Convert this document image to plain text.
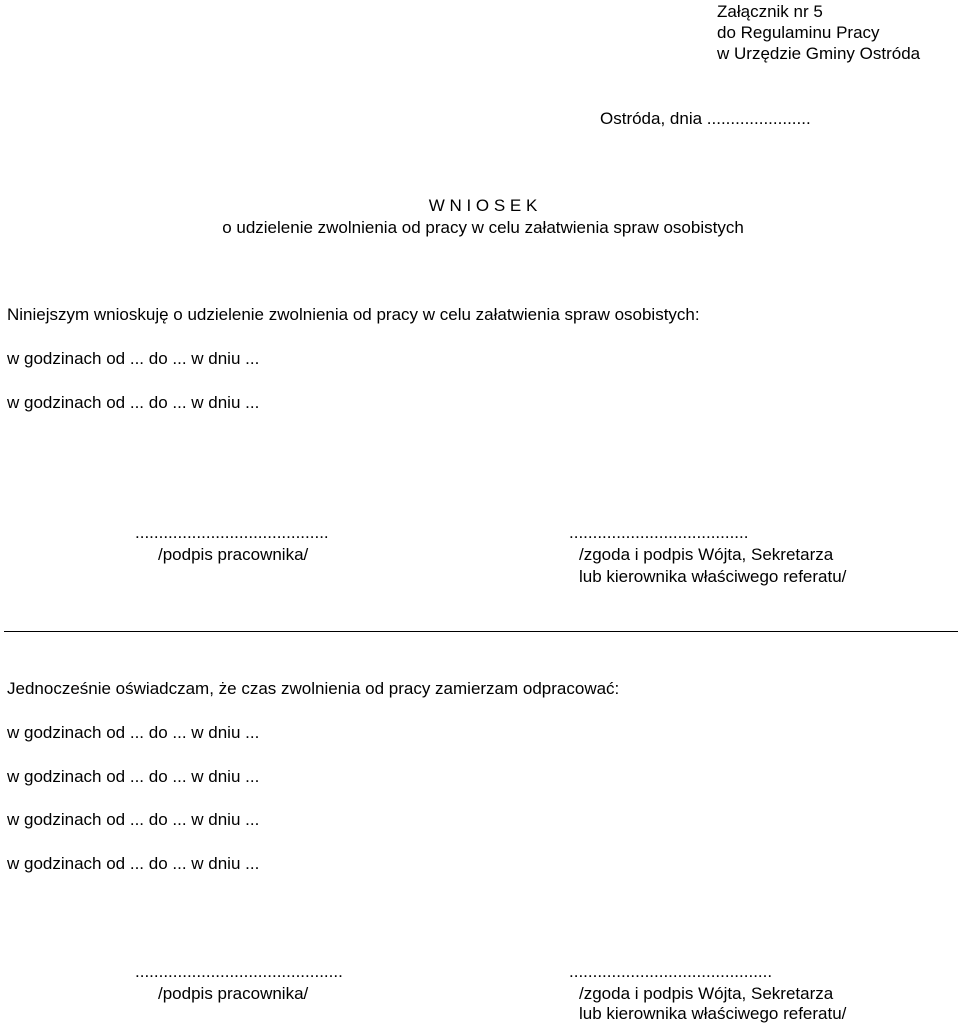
Załącznik nr 5
do Regulaminu Pracy
w Urzędzie Gminy Ostróda
Ostróda, dnia ......................
W N I O S E K
o udzielenie zwolnienia od pracy w celu załatwienia spraw osobistych
Niniejszym wnioskuję o udzielenie zwolnienia od pracy w celu załatwienia spraw osobistych:
w godzinach od ... do ... w dniu ...
w godzinach od ... do ... w dniu ...
.........................................
/podpis pracownika/
......................................
/zgoda i podpis Wójta, Sekretarza
lub kierownika właściwego referatu/
Jednocześnie oświadczam, że czas zwolnienia od pracy zamierzam odpracować:
w godzinach od ... do ... w dniu ...
w godzinach od ... do ... w dniu ...
w godzinach od ... do ... w dniu ...
w godzinach od ... do ... w dniu ...
............................................
/podpis pracownika/
...........................................
/zgoda i podpis Wójta, Sekretarza
lub kierownika właściwego referatu/
